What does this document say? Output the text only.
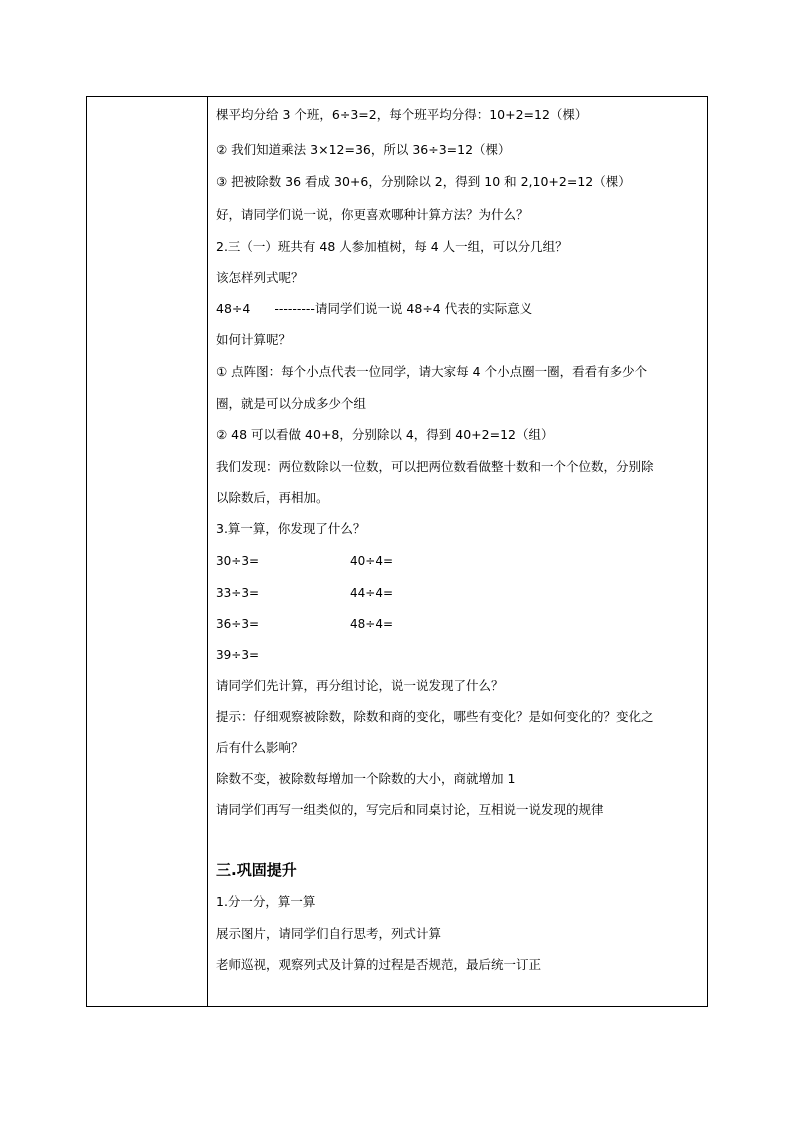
棵平均分给 3 个班，6÷3=2，每个班平均分得：10+2=12（棵）
② 我们知道乘法 3×12=36，所以 36÷3=12（棵）
③ 把被除数 36 看成 30+6，分别除以 2，得到 10 和 2,10+2=12（棵）
好，请同学们说一说，你更喜欢哪种计算方法？为什么？
2.三（一）班共有 48 人参加植树，每 4 人一组，可以分几组？
该怎样列式呢？
48÷4 ---------请同学们说一说 48÷4 代表的实际意义
如何计算呢？
① 点阵图：每个小点代表一位同学，请大家每 4 个小点圈一圈，看看有多少个
圈，就是可以分成多少个组
② 48 可以看做 40+8，分别除以 4，得到 40+2=12（组）
我们发现：两位数除以一位数，可以把两位数看做整十数和一个个位数，分别除
以除数后，再相加。
3.算一算，你发现了什么？
30÷3=	40÷4=
33÷3=	44÷4=
36÷3=	48÷4=
39÷3=
请同学们先计算，再分组讨论，说一说发现了什么？
提示：仔细观察被除数，除数和商的变化，哪些有变化？是如何变化的？变化之
后有什么影响？
除数不变，被除数每增加一个除数的大小，商就增加 1
请同学们再写一组类似的，写完后和同桌讨论，互相说一说发现的规律
三.巩固提升
1.分一分，算一算
展示图片，请同学们自行思考，列式计算
老师巡视，观察列式及计算的过程是否规范，最后统一订正
